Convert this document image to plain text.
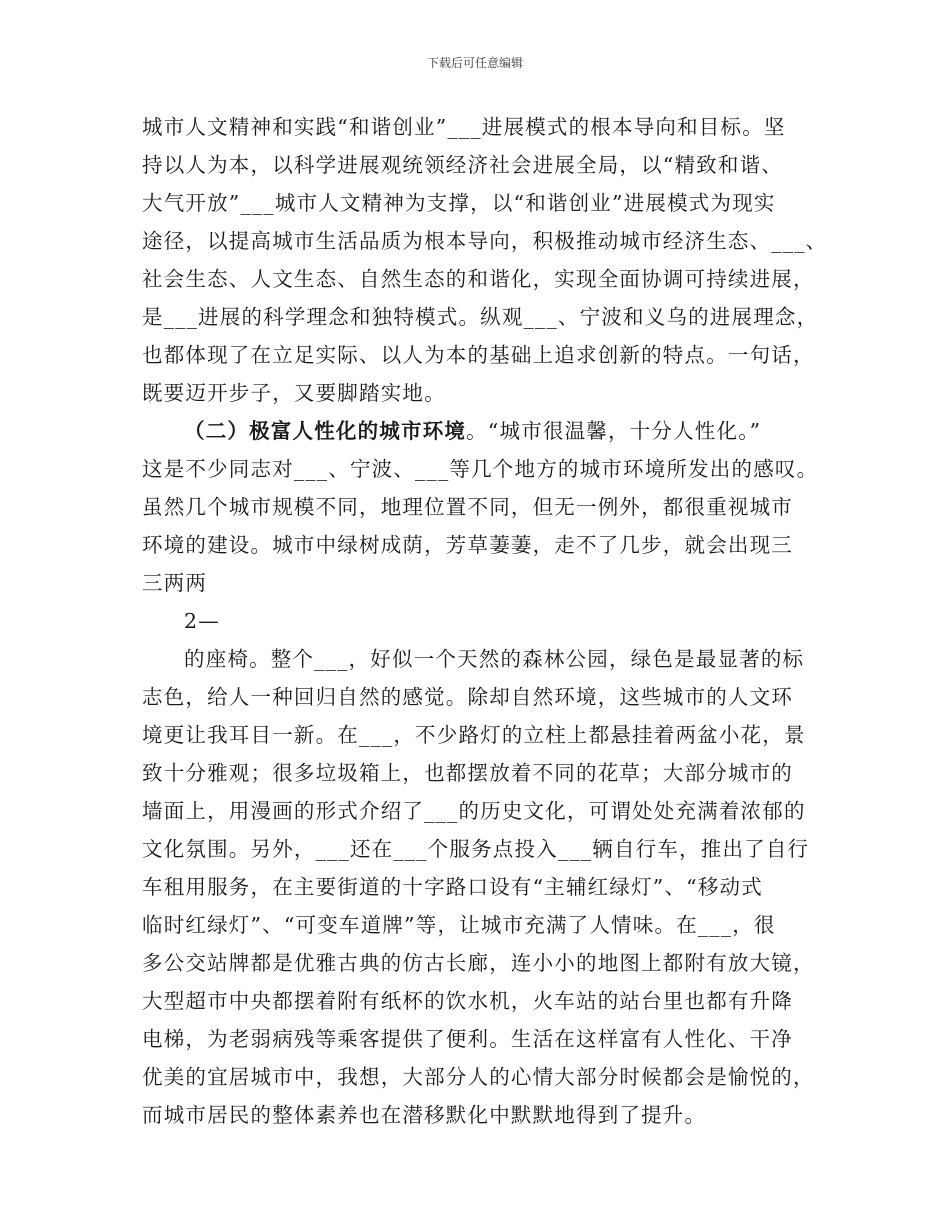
下载后可任意编辑
城市人文精神和实践“和谐创业”___进展模式的根本导向和目标。坚
持以人为本，以科学进展观统领经济社会进展全局，以“精致和谐、
大气开放”___城市人文精神为支撑，以“和谐创业”进展模式为现实
途径，以提高城市生活品质为根本导向，积极推动城市经济生态、___、
社会生态、人文生态、自然生态的和谐化，实现全面协调可持续进展，
是___进展的科学理念和独特模式。纵观___、宁波和义乌的进展理念，
也都体现了在立足实际、以人为本的基础上追求创新的特点。一句话，
既要迈开步子，又要脚踏实地。
（二）极富人性化的城市环境。“城市很温馨，十分人性化。”
这是不少同志对___、宁波、___等几个地方的城市环境所发出的感叹。
虽然几个城市规模不同，地理位置不同，但无一例外，都很重视城市
环境的建设。城市中绿树成荫，芳草萋萋，走不了几步，就会出现三
三两两
2—
的座椅。整个___，好似一个天然的森林公园，绿色是最显著的标
志色，给人一种回归自然的感觉。除却自然环境，这些城市的人文环
境更让我耳目一新。在___，不少路灯的立柱上都悬挂着两盆小花，景
致十分雅观；很多垃圾箱上，也都摆放着不同的花草；大部分城市的
墙面上，用漫画的形式介绍了___的历史文化，可谓处处充满着浓郁的
文化氛围。另外，___还在___个服务点投入___辆自行车，推出了自行
车租用服务，在主要街道的十字路口设有“主辅红绿灯”、“移动式
临时红绿灯”、“可变车道牌”等，让城市充满了人情味。在___，很
多公交站牌都是优雅古典的仿古长廊，连小小的地图上都附有放大镜，
大型超市中央都摆着附有纸杯的饮水机，火车站的站台里也都有升降
电梯，为老弱病残等乘客提供了便利。生活在这样富有人性化、干净
优美的宜居城市中，我想，大部分人的心情大部分时候都会是愉悦的，
而城市居民的整体素养也在潜移默化中默默地得到了提升。
